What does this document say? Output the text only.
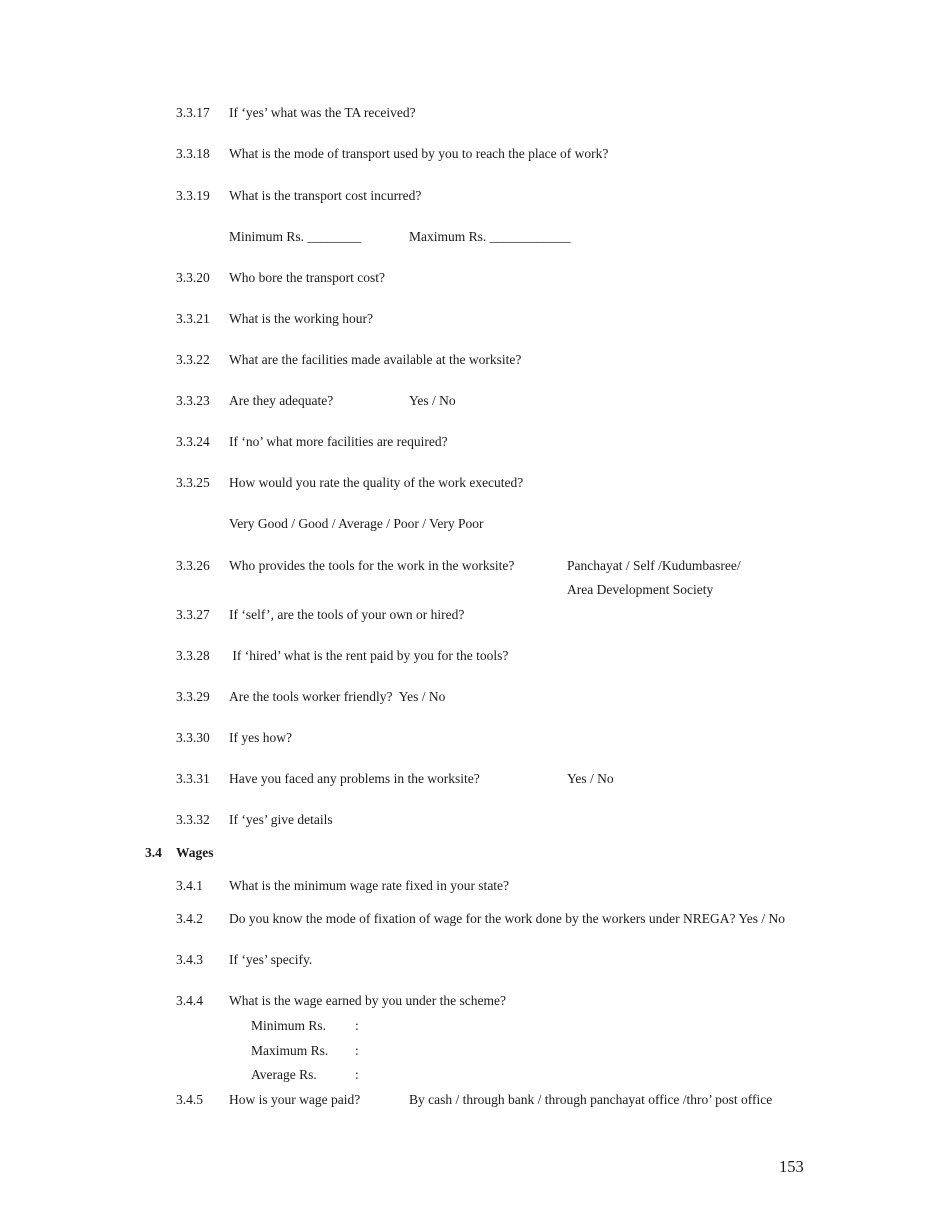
3.3.17 If ‘yes’ what was the TA received?
3.3.18 What is the mode of transport used by you to reach the place of work?
3.3.19 What is the transport cost incurred?
Minimum Rs. ________	Maximum Rs. ____________
3.3.20 Who bore the transport cost?
3.3.21 What is the working hour?
3.3.22 What are the facilities made available at the worksite?
3.3.23 Are they adequate?	Yes / No
3.3.24 If ‘no’ what more facilities are required?
3.3.25 How would you rate the quality of the work executed?
Very Good / Good / Average / Poor / Very Poor
3.3.26 Who provides the tools for the work in the worksite?	Panchayat / Self /Kudumbasree/
Area Development Society
3.3.27 If ‘self’, are the tools of your own or hired?
3.3.28 If ‘hired’ what is the rent paid by you for the tools?
3.3.29 Are the tools worker friendly?  Yes / No
3.3.30 If yes how?
3.3.31 Have you faced any problems in the worksite?	Yes / No
3.3.32 If ‘yes’ give details
3.4 Wages
3.4.1 What is the minimum wage rate fixed in your state?
3.4.2 Do you know the mode of fixation of wage for the work done by the workers under NREGA? Yes / No
3.4.3 If ‘yes’ specify.
3.4.4 What is the wage earned by you under the scheme?
Minimum Rs. :
Maximum Rs. :
Average Rs.	:
3.4.5 How is your wage paid?	By cash / through bank / through panchayat office /thro’ post office
153
